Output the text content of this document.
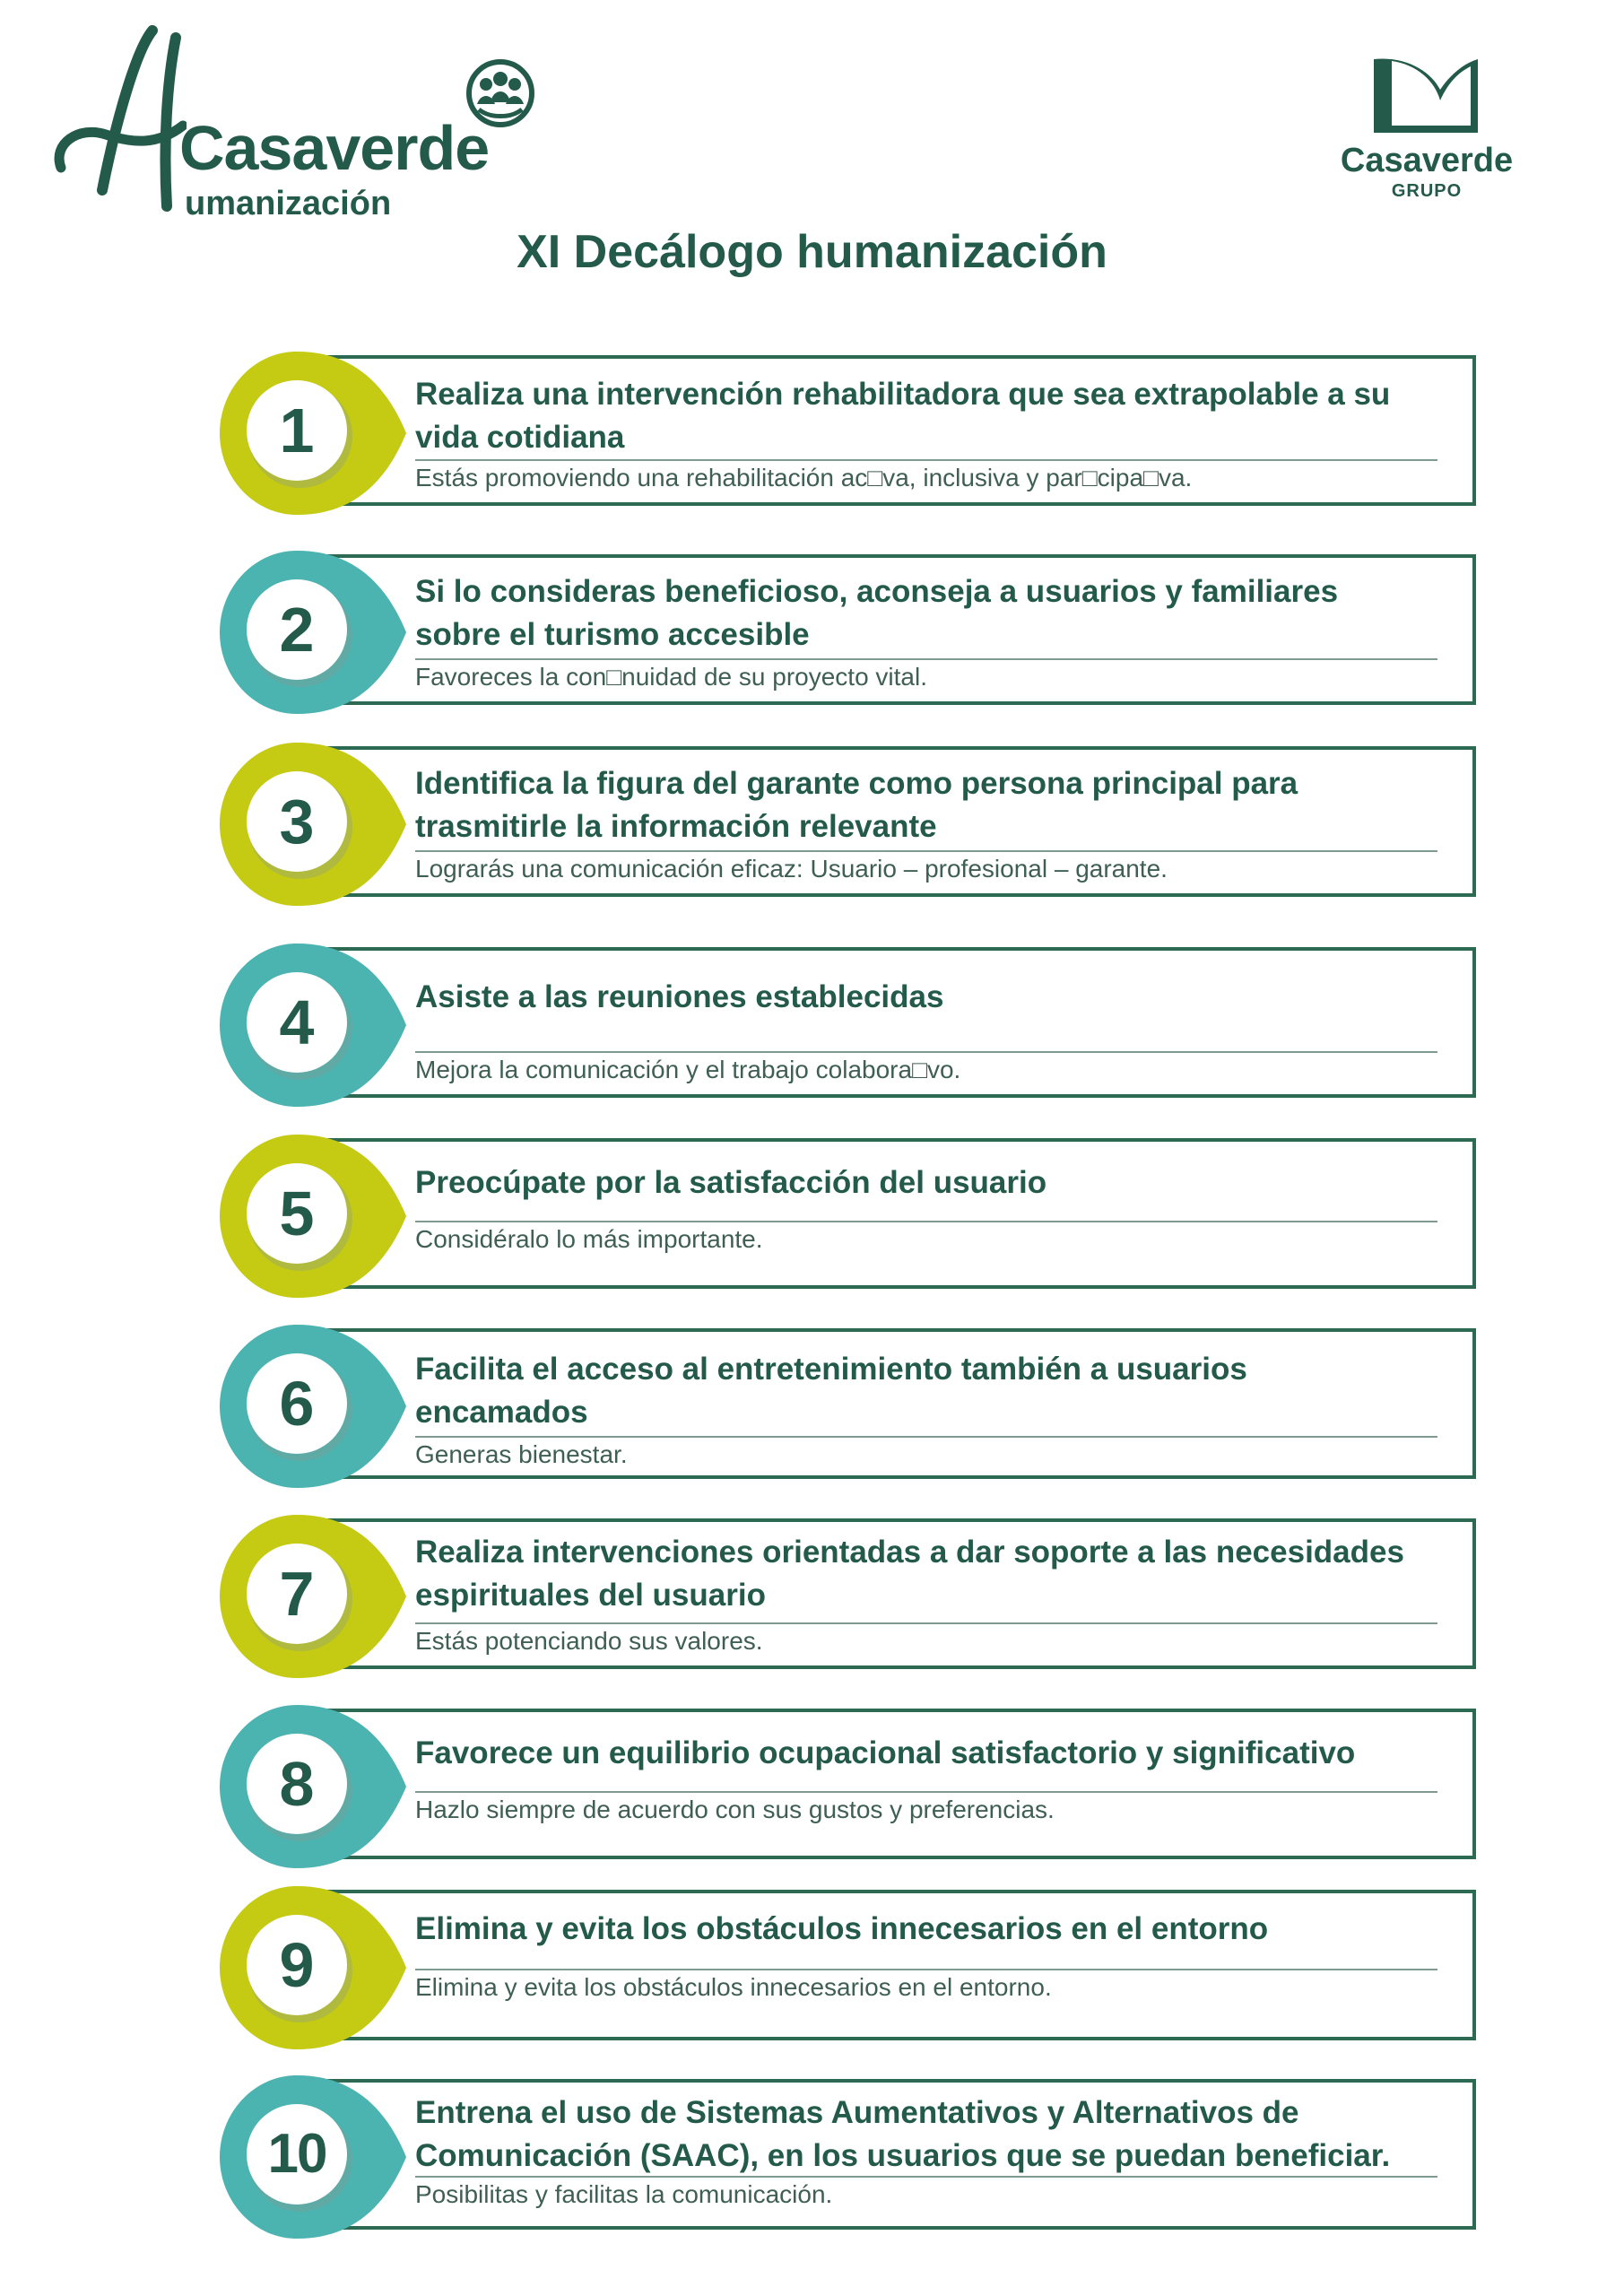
Casaverde
umanización
Casaverde
GRUPO
XI Decálogo humanización
1
Realiza una intervención rehabilitadora que sea extrapolable a su vida cotidiana
Estás promoviendo una rehabilitación ac□va, inclusiva y par□cipa□va.
2
Si lo consideras beneficioso, aconseja a usuarios y familiares sobre el turismo accesible
Favoreces la con□nuidad de su proyecto vital.
3
Identifica la figura del garante como persona principal para trasmitirle la información relevante
Lograrás una comunicación eficaz: Usuario – profesional – garante.
4	Asiste a las reuniones establecidas
Mejora la comunicación y el trabajo colabora□vo.
5	Preocúpate por la satisfacción del usuario
Considéralo lo más importante.
6	Facilita el acceso al entretenimiento también a usuarios encamados
Generas bienestar.
7
Realiza intervenciones orientadas a dar soporte a las necesidades espirituales del usuario
Estás potenciando sus valores.
8	Favorece un equilibrio ocupacional satisfactorio y significativo
Hazlo siempre de acuerdo con sus gustos y preferencias.
9
Elimina y evita los obstáculos innecesarios en el entorno
Elimina y evita los obstáculos innecesarios en el entorno.
10
Entrena el uso de Sistemas Aumentativos y Alternativos de Comunicación (SAAC), en los usuarios que se puedan beneficiar.
Posibilitas y facilitas la comunicación.
